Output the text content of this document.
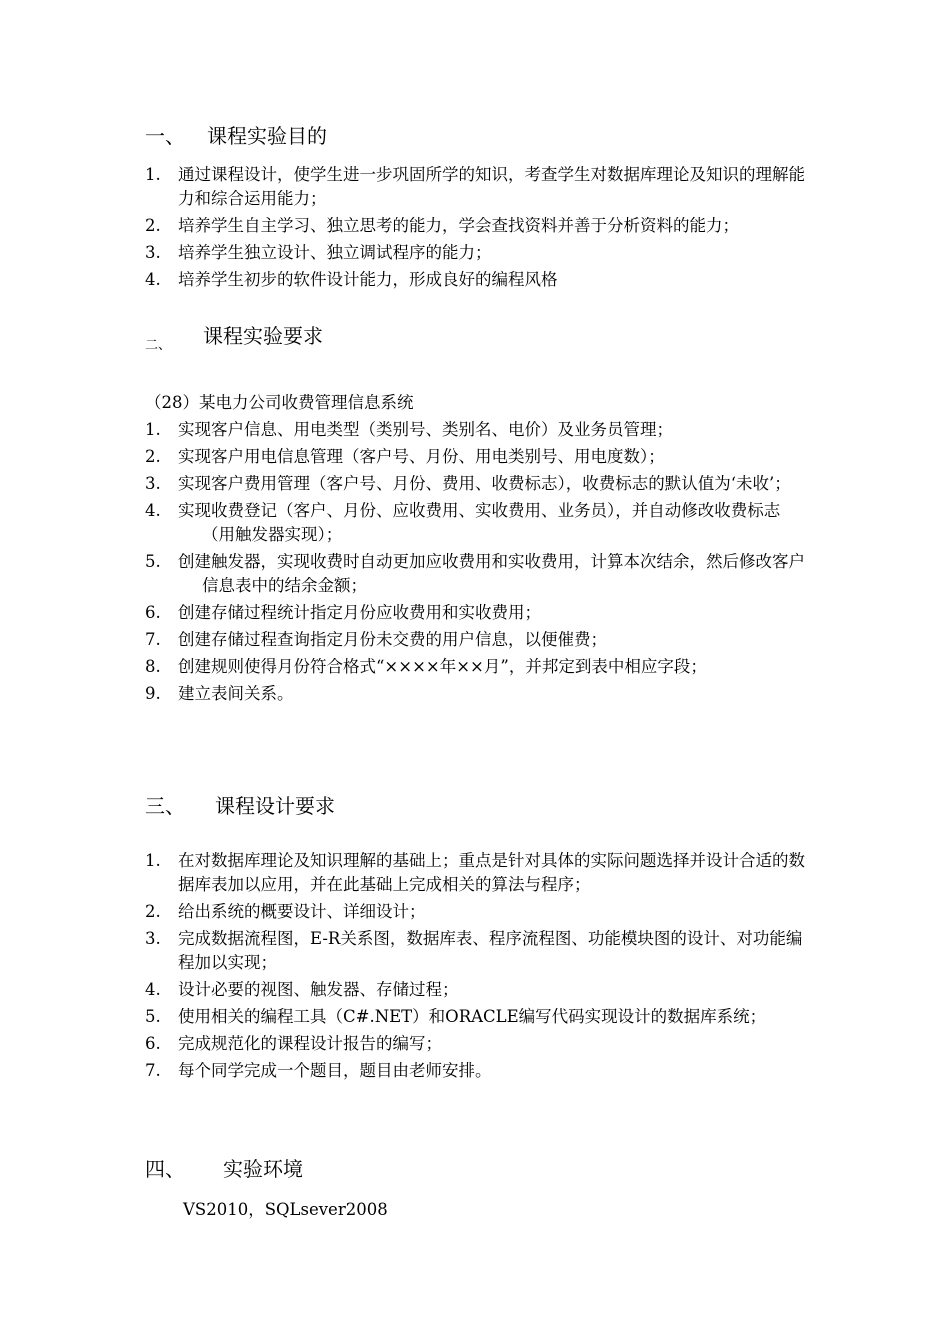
一、 课程实验目的
1. 通过课程设计，使学生进一步巩固所学的知识，考查学生对数据库理论及知识的理解能力和综合运用能力；
2. 培养学生自主学习、独立思考的能力，学会查找资料并善于分析资料的能力；
3. 培养学生独立设计、独立调试程序的能力；
4. 培养学生初步的软件设计能力，形成良好的编程风格
二、 课程实验要求
（28）某电力公司收费管理信息系统
1. 实现客户信息、用电类型（类别号、类别名、电价）及业务员管理；
2. 实现客户用电信息管理（客户号、月份、用电类别号、用电度数）；
3. 实现客户费用管理（客户号、月份、费用、收费标志），收费标志的默认值为‘未收’；
4. 实现收费登记（客户、月份、应收费用、实收费用、业务员），并自动修改收费标志（用触发器实现）；
5. 创建触发器，实现收费时自动更加应收费用和实收费用，计算本次结余，然后修改客户信息表中的结余金额；
6. 创建存储过程统计指定月份应收费用和实收费用；
7. 创建存储过程查询指定月份未交费的用户信息，以便催费；
8. 创建规则使得月份符合格式“××××年××月”，并邦定到表中相应字段；
9. 建立表间关系。
三、 课程设计要求
1. 在对数据库理论及知识理解的基础上；重点是针对具体的实际问题选择并设计合适的数据库表加以应用，并在此基础上完成相关的算法与程序；
2. 给出系统的概要设计、详细设计；
3. 完成数据流程图，E-R关系图，数据库表、程序流程图、功能模块图的设计、对功能编程加以实现；
4. 设计必要的视图、触发器、存储过程；
5. 使用相关的编程工具（C#.NET）和ORACLE编写代码实现设计的数据库系统；
6. 完成规范化的课程设计报告的编写；
7. 每个同学完成一个题目，题目由老师安排。
四、 实验环境
VS2010，SQLsever2008
